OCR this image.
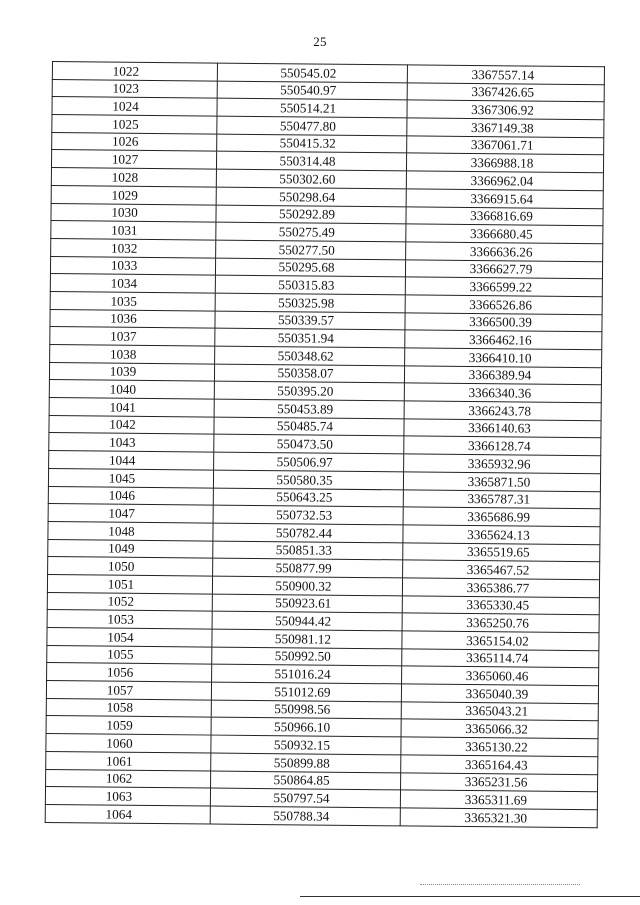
25
1022	550545.02	3367557.14
1023	550540.97	3367426.65
1024	550514.21	3367306.92
1025	550477.80	3367149.38
1026	550415.32	3367061.71
1027	550314.48	3366988.18
1028	550302.60	3366962.04
1029	550298.64	3366915.64
1030	550292.89	3366816.69
1031	550275.49	3366680.45
1032	550277.50	3366636.26
1033	550295.68	3366627.79
1034	550315.83	3366599.22
1035	550325.98	3366526.86
1036	550339.57	3366500.39
1037	550351.94	3366462.16
1038	550348.62	3366410.10
1039	550358.07	3366389.94
1040	550395.20	3366340.36
1041	550453.89	3366243.78
1042	550485.74	3366140.63
1043	550473.50	3366128.74
1044	550506.97	3365932.96
1045	550580.35	3365871.50
1046	550643.25	3365787.31
1047	550732.53	3365686.99
1048	550782.44	3365624.13
1049	550851.33	3365519.65
1050	550877.99	3365467.52
1051	550900.32	3365386.77
1052	550923.61	3365330.45
1053	550944.42	3365250.76
1054	550981.12	3365154.02
1055	550992.50	3365114.74
1056	551016.24	3365060.46
1057	551012.69	3365040.39
1058	550998.56	3365043.21
1059	550966.10	3365066.32
1060	550932.15	3365130.22
1061	550899.88	3365164.43
1062	550864.85	3365231.56
1063	550797.54	3365311.69
1064	550788.34	3365321.30
